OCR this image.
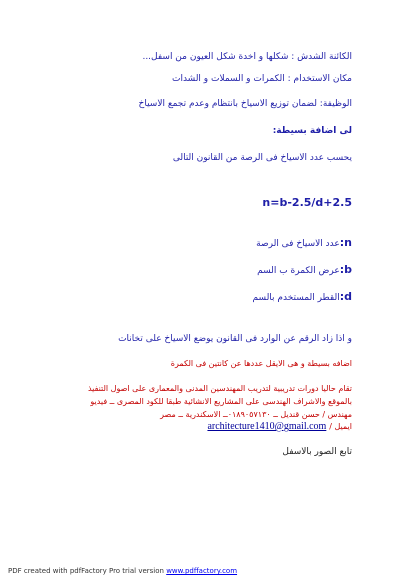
الكائنة الشدش : شكلها و اخدة شكل العيون من اسفل...
مكان الاستخدام : الكمرات و السملات و الشدات
الوظيفة: لضمان توزيع الاسياخ بانتظام وعدم تجمع الاسياخ
لى اضافة بسيطة:
يحسب عدد الاسياخ فى الرصة من القانون التالى
n=b-2.5/d+2.5
n:عدد الاسياخ فى الرصة
b:عرض الكمرة ب السم
d:القطر المستخدم بالسم
و اذا زاد الرقم عن الوارد فى القانون يوضع الاسياخ على تخانات
اضافه بسيطة و هى الايقل عددها عن كانتين فى الكمرة
تقام حاليا دورات تدريبية لتدريب المهندسين المدنى والمعمارى على اصول التنفيذ
بالموقع والاشراف الهندسى على المشاريع الانشائية طبقا للكود المصرى ــ فيديو
مهندس / حسن قنديل ــ ٠١٨٩٠٥٧١٣٠ــ الاسكندرية ــ مصر
ايميل / architecture1410@gmail.com
تابع الصور بالاسفل
PDF created with pdfFactory Pro trial version www.pdffactory.com
